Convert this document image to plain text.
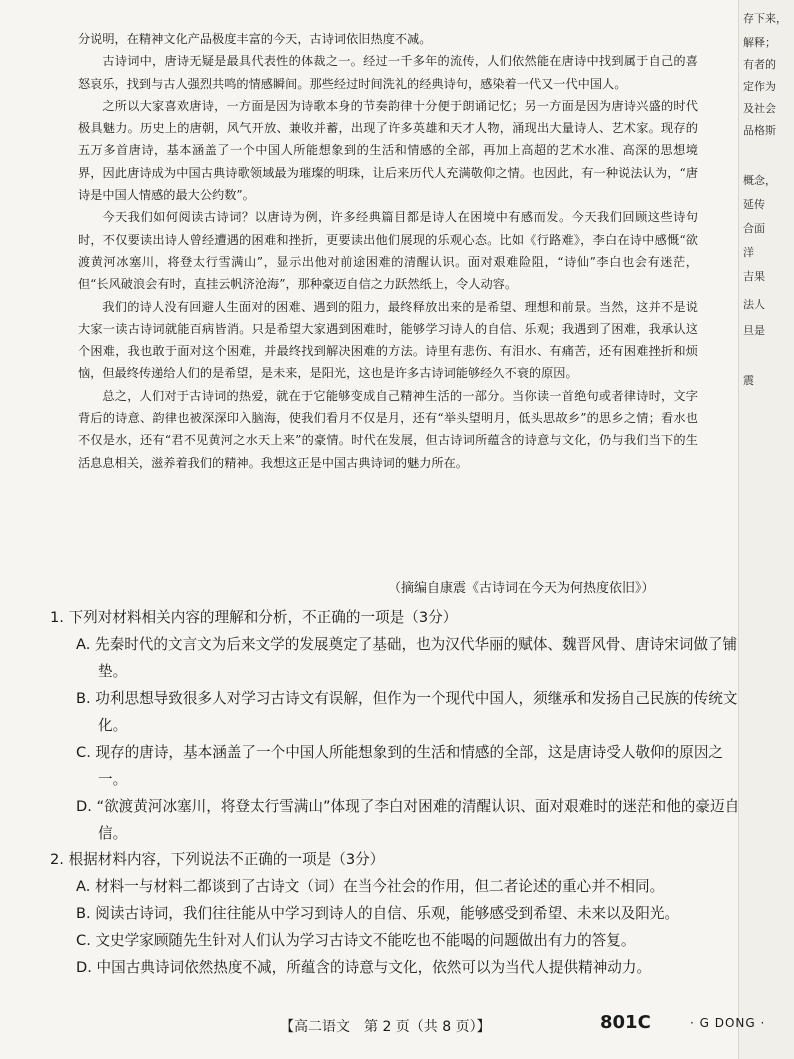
存下来，
解释；
有者的
定作为
及社会
品格斯
概念，
延传
合面
洋
吉果
法人
旦是
震

分说明，在精神文化产品极度丰富的今天，古诗词依旧热度不减。

古诗词中，唐诗无疑是最具代表性的体裁之一。经过一千多年的流传，人们依然能在唐诗中找到属于自己的喜怒哀乐，找到与古人强烈共鸣的情感瞬间。那些经过时间洗礼的经典诗句，感染着一代又一代中国人。

之所以大家喜欢唐诗，一方面是因为诗歌本身的节奏韵律十分便于朗诵记忆；另一方面是因为唐诗兴盛的时代极具魅力。历史上的唐朝，风气开放、兼收并蓄，出现了许多英雄和天才人物，涌现出大量诗人、艺术家。现存的五万多首唐诗，基本涵盖了一个中国人所能想象到的生活和情感的全部，再加上高超的艺术水准、高深的思想境界，因此唐诗成为中国古典诗歌领域最为璀璨的明珠，让后来历代人充满敬仰之情。也因此，有一种说法认为，“唐诗是中国人情感的最大公约数”。

今天我们如何阅读古诗词？以唐诗为例，许多经典篇目都是诗人在困境中有感而发。今天我们回顾这些诗句时，不仅要读出诗人曾经遭遇的困难和挫折，更要读出他们展现的乐观心态。比如《行路难》，李白在诗中感慨“欲渡黄河冰塞川，将登太行雪满山”，显示出他对前途困难的清醒认识。面对艰难险阻，“诗仙”李白也会有迷茫，但“长风破浪会有时，直挂云帆济沧海”，那种豪迈自信之力跃然纸上，令人动容。

我们的诗人没有回避人生面对的困难、遇到的阻力，最终释放出来的是希望、理想和前景。当然，这并不是说大家一读古诗词就能百病皆消。只是希望大家遇到困难时，能够学习诗人的自信、乐观；我遇到了困难，我承认这个困难，我也敢于面对这个困难，并最终找到解决困难的方法。诗里有悲伤、有泪水、有痛苦，还有困难挫折和烦恼，但最终传递给人们的是希望，是未来，是阳光，这也是许多古诗词能够经久不衰的原因。

总之，人们对于古诗词的热爱，就在于它能够变成自己精神生活的一部分。当你读一首绝句或者律诗时，文字背后的诗意、韵律也被深深印入脑海，使我们看月不仅是月，还有“举头望明月，低头思故乡”的思乡之情；看水也不仅是水，还有“君不见黄河之水天上来”的豪情。时代在发展，但古诗词所蕴含的诗意与文化，仍与我们当下的生活息息相关，滋养着我们的精神。我想这正是中国古典诗词的魅力所在。

（摘编自康震《古诗词在今天为何热度依旧》）

1. 下列对材料相关内容的理解和分析，不正确的一项是（3分）

A. 先秦时代的文言文为后来文学的发展奠定了基础，也为汉代华丽的赋体、魏晋风骨、唐诗宋词做了铺垫。

B. 功利思想导致很多人对学习古诗文有误解，但作为一个现代中国人，须继承和发扬自己民族的传统文化。

C. 现存的唐诗，基本涵盖了一个中国人所能想象到的生活和情感的全部，这是唐诗受人敬仰的原因之一。

D. “欲渡黄河冰塞川，将登太行雪满山”体现了李白对困难的清醒认识、面对艰难时的迷茫和他的豪迈自信。

2. 根据材料内容，下列说法不正确的一项是（3分）

A. 材料一与材料二都谈到了古诗文（词）在当今社会的作用，但二者论述的重心并不相同。

B. 阅读古诗词，我们往往能从中学习到诗人的自信、乐观，能够感受到希望、未来以及阳光。

C. 文史学家顾随先生针对人们认为学习古诗文不能吃也不能喝的问题做出有力的答复。

D. 中国古典诗词依然热度不减，所蕴含的诗意与文化，依然可以为当代人提供精神动力。

【高二语文　第 2 页（共 8 页）】	801C	· G DONG ·
